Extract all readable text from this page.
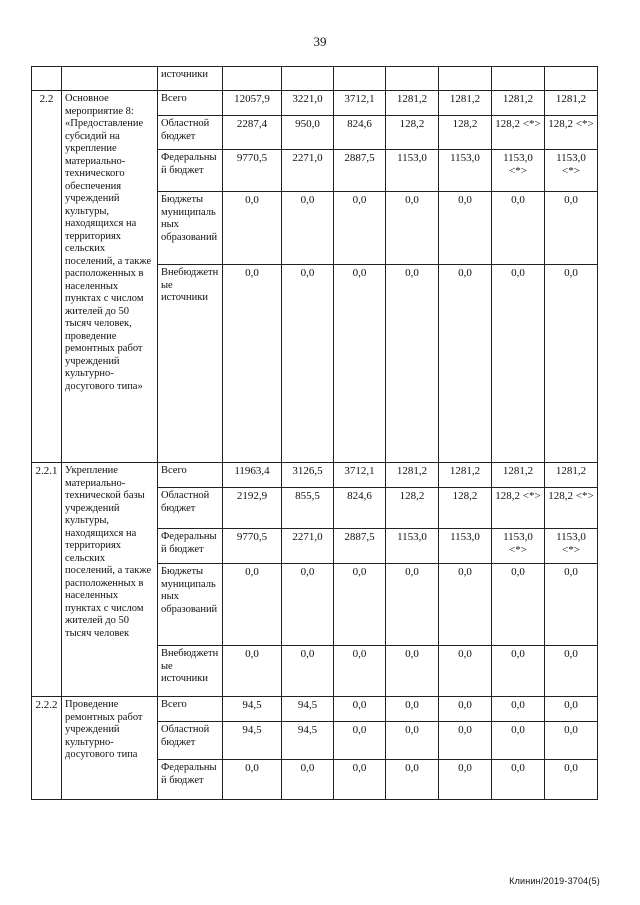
39
		источники							
2.2	Основное мероприятие 8: «Предоставление субсидий на укрепление материально-технического обеспечения учреждений культуры, находящихся на территориях сельских поселений, а также расположенных в населенных пунктах с числом жителей до 50 тысяч человек, проведение ремонтных работ учреждений культурно-досугового типа»	Всего	12057,9	3221,0	3712,1	1281,2	1281,2	1281,2	1281,2
		Областной бюджет	2287,4	950,0	824,6	128,2	128,2	128,2 <*>	128,2 <*>
		Федеральный бюджет	9770,5	2271,0	2887,5	1153,0	1153,0	1153,0 <*>	1153,0 <*>
		Бюджеты муниципальных образований	0,0	0,0	0,0	0,0	0,0	0,0	0,0
		Внебюджетные источники	0,0	0,0	0,0	0,0	0,0	0,0	0,0
2.2.1	Укрепление материально-технической базы учреждений культуры, находящихся на территориях сельских поселений, а также расположенных в населенных пунктах с числом жителей до 50 тысяч человек	Всего	11963,4	3126,5	3712,1	1281,2	1281,2	1281,2	1281,2
		Областной бюджет	2192,9	855,5	824,6	128,2	128,2	128,2 <*>	128,2 <*>
		Федеральный бюджет	9770,5	2271,0	2887,5	1153,0	1153,0	1153,0 <*>	1153,0 <*>
		Бюджеты муниципальных образований	0,0	0,0	0,0	0,0	0,0	0,0	0,0
		Внебюджетные источники	0,0	0,0	0,0	0,0	0,0	0,0	0,0
2.2.2	Проведение ремонтных работ учреждений культурно-досугового типа	Всего	94,5	94,5	0,0	0,0	0,0	0,0	0,0
		Областной бюджет	94,5	94,5	0,0	0,0	0,0	0,0	0,0
		Федеральный бюджет	0,0	0,0	0,0	0,0	0,0	0,0	0,0
Клинин/2019-3704(5)
